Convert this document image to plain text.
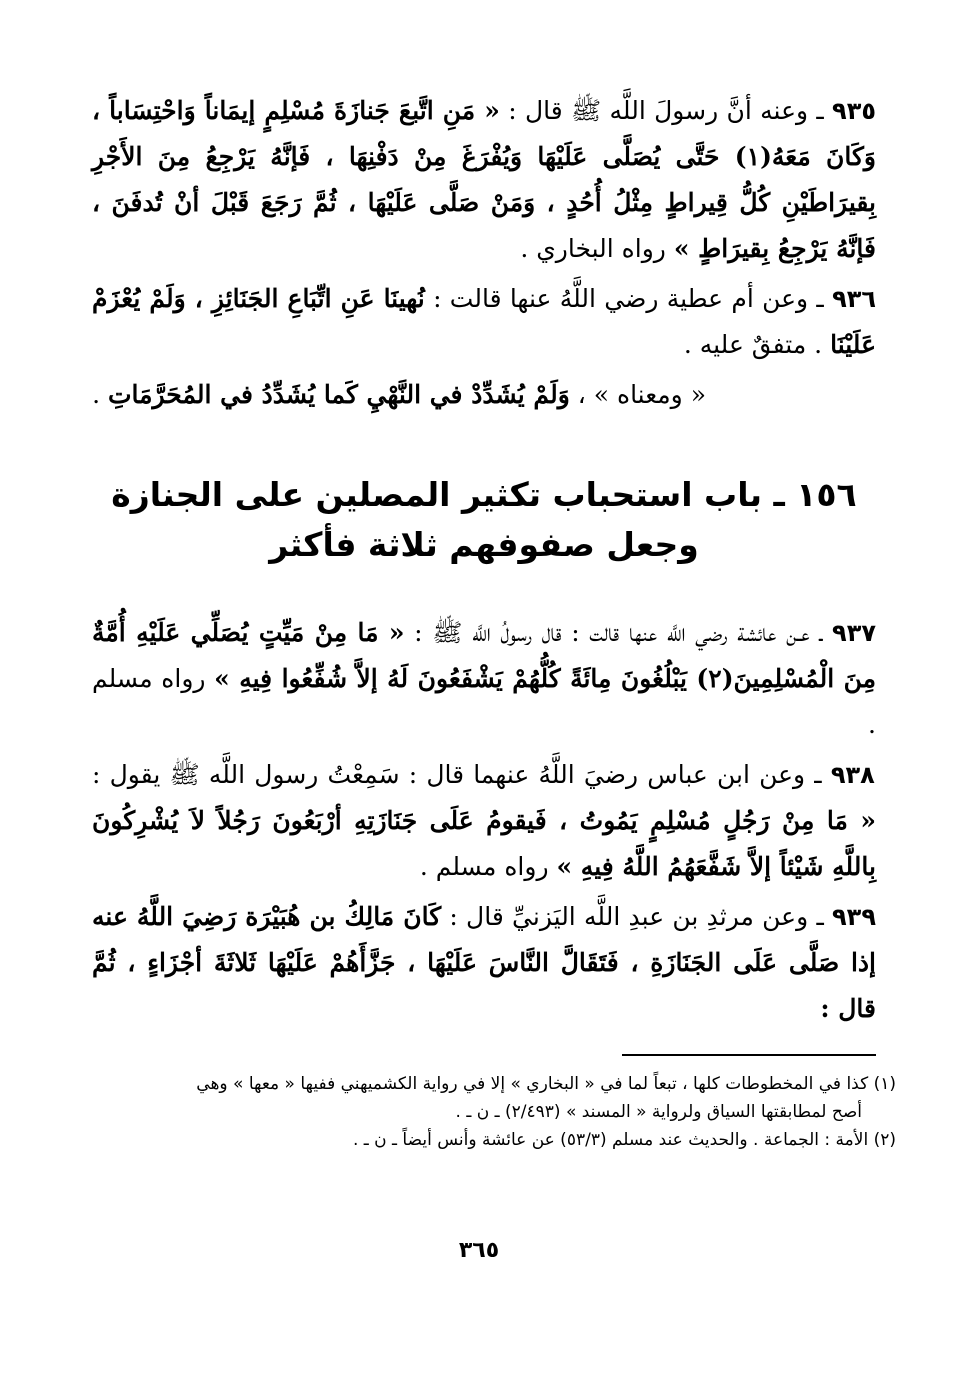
٩٣٥ ـ وعنه أنَّ رسولَ اللَّه ﷺ قال : « مَنِ اتَّبعَ جَنازَةَ مُسْلِمٍ إيمَاناً وَاحْتِسَاباً ، وَكَانَ مَعَهُ(١) حَتَّى يُصَلَّى عَلَيْهَا وَيُفْرَغَ مِنْ دَفْنِهَا ، فَإنَّهُ يَرْجِعُ مِنَ الأَجْرِ بِقيرَاطَيْنِ كُلُّ قِيراطٍ مِثْلُ أُحُدٍ ، وَمَنْ صَلَّى عَلَيْهَا ، ثُمَّ رَجَعَ قَبْلَ أنْ تُدفَنَ ، فَإنَّهُ يَرْجِعُ بِقيرَاطٍ » رواه البخاري .

٩٣٦ ـ وعن أم عطية رضي اللَّهُ عنها قالت : نُهينَا عَنِ اتِّبَاعِ الجَنَائِزِ ، وَلَمْ يُعْزَمْ عَلَيْنَا . متفقٌ عليه .

« ومعناه » ، وَلَمْ يُشَدِّدْ في النَّهْيِ كَما يُشَدِّدُ في المُحَرَّمَاتِ .

١٥٦ ـ باب استحباب تكثير المصلين على الجنازة
وجعل صفوفهم ثلاثة فأكثر

٩٣٧ ـ عـن عائشة رضي اللَّه عنها قالت : قال رسولُ اللَّه ﷺ : « مَا مِنْ مَيِّتٍ يُصَلِّي عَلَيْهِ أُمَّةٌ مِنَ الْمُسْلِمِينَ(٢) يَبْلُغُونَ مِائَةً كُلُّهُمْ يَشْفَعُونَ لَهُ إلاَّ شُفِّعُوا فِيهِ » رواه مسلم .

٩٣٨ ـ وعن ابن عباس رضيَ اللَّهُ عنهما قال : سَمِعْتُ رسول اللَّه ﷺ يقول : « مَا مِنْ رَجُلٍ مُسْلِمٍ يَمُوتُ ، فَيقومُ عَلَى جَنَازَتِهِ أرْبَعُونَ رَجُلاً لاَ يُشْرِكُونَ بِاللَّهِ شَيْئاً إلاَّ شَفَّعَهُمُ اللَّهُ فِيهِ » رواه مسلم .

٩٣٩ ـ وعن مرثدِ بن عبدِ اللَّه اليَزنيِّ قال : كَانَ مَالِكُ بن هُبَيْرَة رَضِيَ اللَّهُ عنه إذا صَلَّى عَلَى الجَنَازَةِ ، فَتَقَالَّ النَّاسَ عَلَيْهَا ، جَزَّأَهُمْ عَلَيْهَا ثَلاثَةَ أجْزَاءٍ ، ثُمَّ قال :

(١) كذا في المخطوطات كلها ، تبعاً لما في « البخاري » إلا في رواية الكشميهني ففيها « معها » وهي

أصح لمطابقتها السياق ولرواية « المسند » (٢/٤٩٣) ـ ن ـ .

(٢) الأمة : الجماعة . والحديث عند مسلم (٥٣/٣) عن عائشة وأنس أيضاً ـ ن ـ .

٣٦٥
